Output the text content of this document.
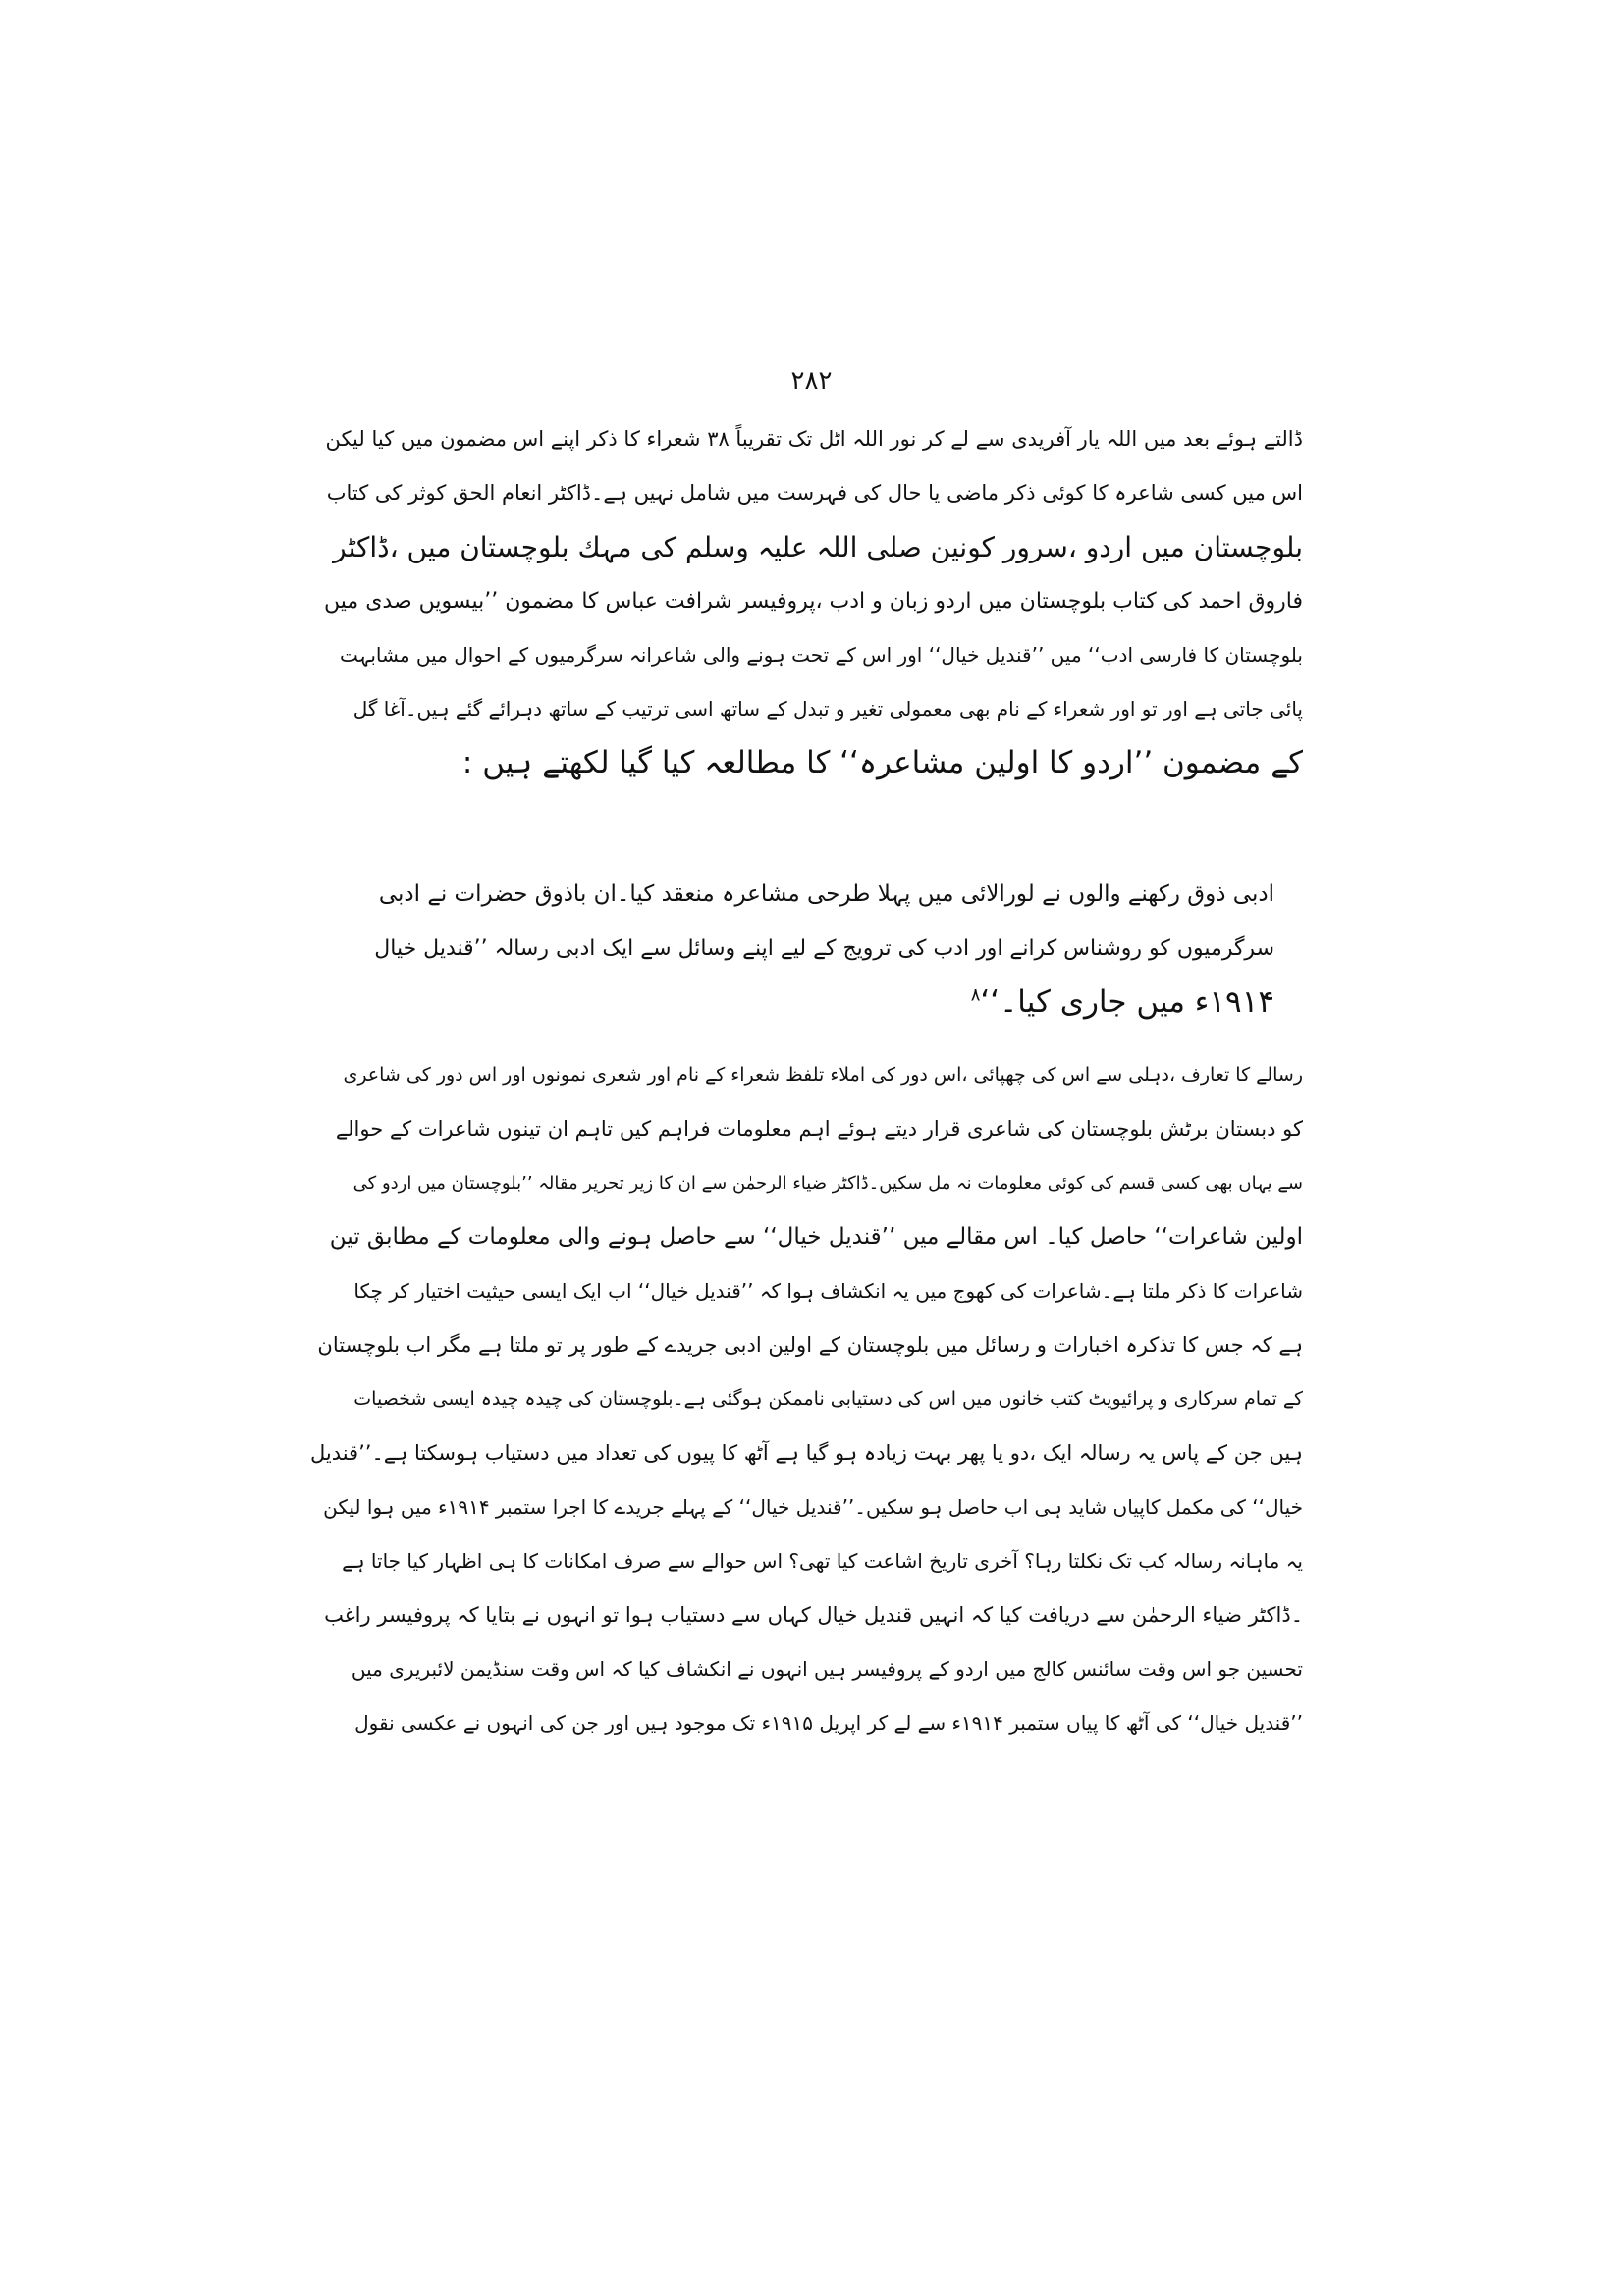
۲۸۲
ڈالتے ہوئے بعد میں اللہ یار آفریدی سے لے کر نور اللہ اٹل تک تقریباً ۳۸ شعراء کا ذکر اپنے اس مضمون میں کیا لیکن
اس میں کسی شاعرہ کا کوئی ذکر ماضی یا حال کی فہرست میں شامل نہیں ہے۔ڈاکٹر انعام الحق کوثر کی کتاب
بلوچستان میں اردو ،سرور کونین صلی اللہ علیہ وسلم کی مہك بلوچستان میں ،ڈاکٹر
فاروق احمد کی کتاب بلوچستان میں اردو زبان و ادب ،پروفیسر شرافت عباس کا مضمون ’’بیسویں صدی میں
بلوچستان کا فارسی ادب‘‘ میں ’’قندیل خیال‘‘ اور اس کے تحت ہونے والی شاعرانہ سرگرمیوں کے احوال میں مشابہت
پائی جاتی ہے اور تو اور شعراء کے نام بھی معمولی تغیر و تبدل کے ساتھ اسی ترتیب کے ساتھ دہرائے گئے ہیں۔آغا گل
کے مضمون ’’اردو کا اولین مشاعرہ‘‘ کا مطالعہ کیا گیا لکھتے ہیں :
ادبی ذوق رکھنے والوں نے لورالائی میں پہلا طرحی مشاعرہ منعقد کیا۔ان باذوق حضرات نے ادبی
سرگرمیوں کو روشناس کرانے اور ادب کی ترویج کے لیے اپنے وسائل سے ایک ادبی رسالہ ’’قندیل خیال
۱۹۱۴ء میں جاری کیا۔‘‘$^۸$
رسالے کا تعارف ،دہلی سے اس کی چھپائی ،اس دور کی املاء تلفظ شعراء کے نام اور شعری نمونوں اور اس دور کی شاعری
کو دبستان برٹش بلوچستان کی شاعری قرار دیتے ہوئے اہم معلومات فراہم کیں تاہم ان تینوں شاعرات کے حوالے
سے یہاں بھی کسی قسم کی کوئی معلومات نہ مل سکیں۔ڈاکٹر ضیاء الرحمٰن سے ان کا زیر تحریر مقالہ ’’بلوچستان میں اردو کی
اولین شاعرات‘‘ حاصل کیا۔ اس مقالے میں ’’قندیل خیال‘‘ سے حاصل ہونے والی معلومات کے مطابق تین
شاعرات کا ذکر ملتا ہے۔شاعرات کی کھوج میں یہ انکشاف ہوا کہ ’’قندیل خیال‘‘ اب ایک ایسی حیثیت اختیار کر چکا
ہے کہ جس کا تذکرہ اخبارات و رسائل میں بلوچستان کے اولین ادبی جریدے کے طور پر تو ملتا ہے مگر اب بلوچستان
کے تمام سرکاری و پرائیویٹ کتب خانوں میں اس کی دستیابی ناممکن ہوگئی ہے۔بلوچستان کی چیدہ چیدہ ایسی شخصیات
ہیں جن کے پاس یہ رسالہ ایک ،دو یا پھر بہت زیادہ ہو گیا ہے آٹھ کا پیوں کی تعداد میں دستیاب ہوسکتا ہے۔’’قندیل
خیال‘‘ کی مکمل کاپیاں شاید ہی اب حاصل ہو سکیں۔’’قندیل خیال‘‘ کے پہلے جریدے کا اجرا ستمبر ۱۹۱۴ء میں ہوا لیکن
یہ ماہانہ رسالہ کب تک نکلتا رہا؟ آخری تاریخ اشاعت کیا تھی؟ اس حوالے سے صرف امکانات کا ہی اظہار کیا جاتا ہے
۔ڈاکٹر ضیاء الرحمٰن سے دریافت کیا کہ انہیں قندیل خیال کہاں سے دستیاب ہوا تو انہوں نے بتایا کہ پروفیسر راغب
تحسین جو اس وقت سائنس کالج میں اردو کے پروفیسر ہیں انہوں نے انکشاف کیا کہ اس وقت سنڈیمن لائبریری میں
’’قندیل خیال‘‘ کی آٹھ کا پیاں ستمبر ۱۹۱۴ء سے لے کر اپریل ۱۹۱۵ء تک موجود ہیں اور جن کی انہوں نے عکسی نقول
